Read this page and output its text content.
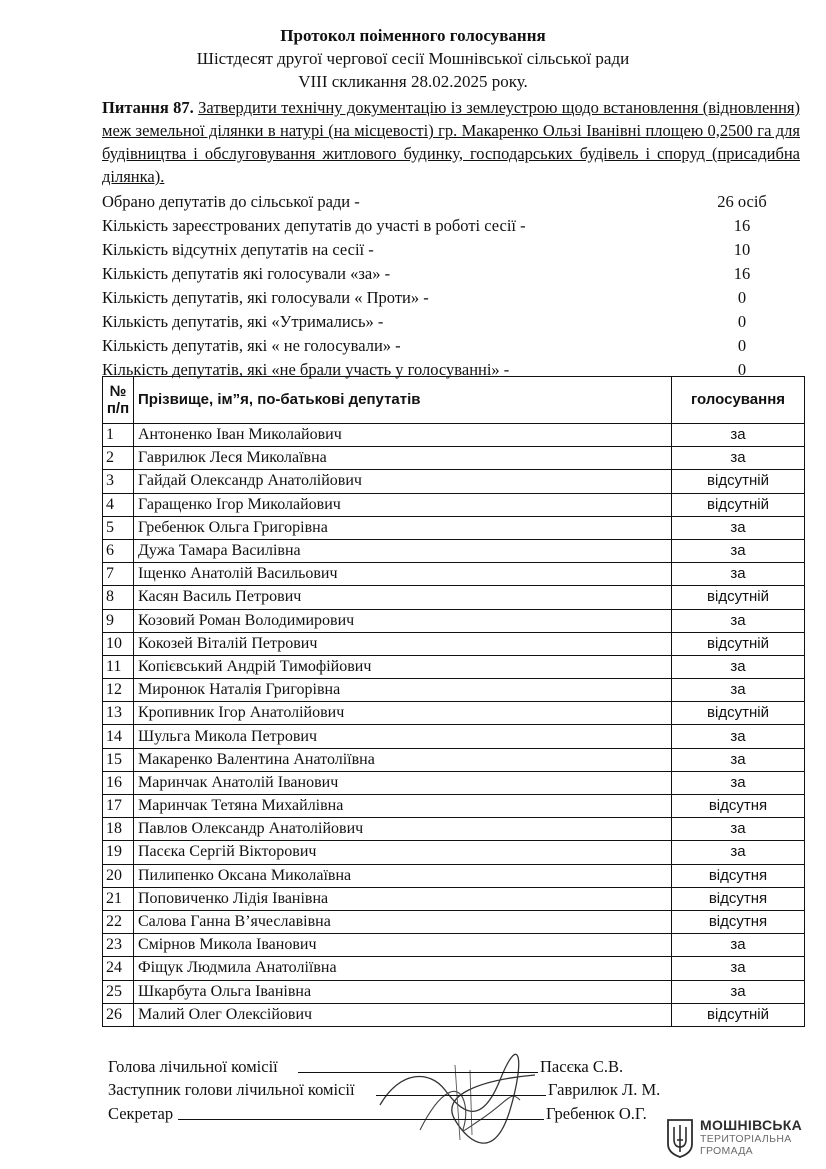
Протокол поіменного голосування
Шістдесят другої чергової сесії Мошнівської сільської ради
VIII скликання 28.02.2025 року.
Питання 87. Затвердити технічну документацію із землеустрою щодо встановлення (відновлення) меж земельної ділянки в натурі (на місцевості) гр. Макаренко Ользі Іванівні площею 0,2500 га для будівництва і обслуговування житлового будинку, господарських будівель і споруд (присадибна ділянка).
Обрано депутатів до сільської ради -	26 осіб
Кількість зареєстрованих депутатів до участі в роботі сесії -	16
Кількість відсутніх депутатів на сесії -	10
Кількість депутатів які голосували «за» -	16
Кількість депутатів, які голосували « Проти» -	0
Кількість депутатів, які «Утримались» -	0
Кількість депутатів, які « не голосували» -	0
Кількість депутатів, які «не брали участь у голосуванні» -	0
№
п/п	Прізвище, ім”я, по-батькові депутатів	голосування
1	Антоненко Іван Миколайович	за
2	Гаврилюк Леся Миколаївна	за
3	Гайдай Олександр Анатолійович	відсутній
4	Гаращенко Ігор Миколайович	відсутній
5	Гребенюк Ольга Григорівна	за
6	Дужа Тамара Василівна	за
7	Іщенко Анатолій Васильович	за
8	Касян Василь Петрович	відсутній
9	Козовий Роман Володимирович	за
10	Кокозей Віталій Петрович	відсутній
11	Копієвський Андрій Тимофійович	за
12	Миронюк Наталія Григорівна	за
13	Кропивник Ігор Анатолійович	відсутній
14	Шульга Микола Петрович	за
15	Макаренко Валентина Анатоліївна	за
16	Маринчак Анатолій Іванович	за
17	Маринчак Тетяна Михайлівна	відсутня
18	Павлов Олександр Анатолійович	за
19	Пасєка Сергій Вікторович	за
20	Пилипенко Оксана Миколаївна	відсутня
21	Поповиченко Лідія Іванівна	відсутня
22	Салова Ганна В’ячеславівна	відсутня
23	Смірнов Микола Іванович	за
24	Фіщук Людмила Анатоліївна	за
25	Шкарбута Ольга Іванівна	за
26	Малий Олег Олексійович	відсутній
Голова лічильної комісії	Пасєка С.В.
Заступник голови лічильної комісії	Гаврилюк Л. М.
Секретар	Гребенюк О.Г.
МОШНІВСЬКА
ТЕРИТОРІАЛЬНА
ГРОМАДА
